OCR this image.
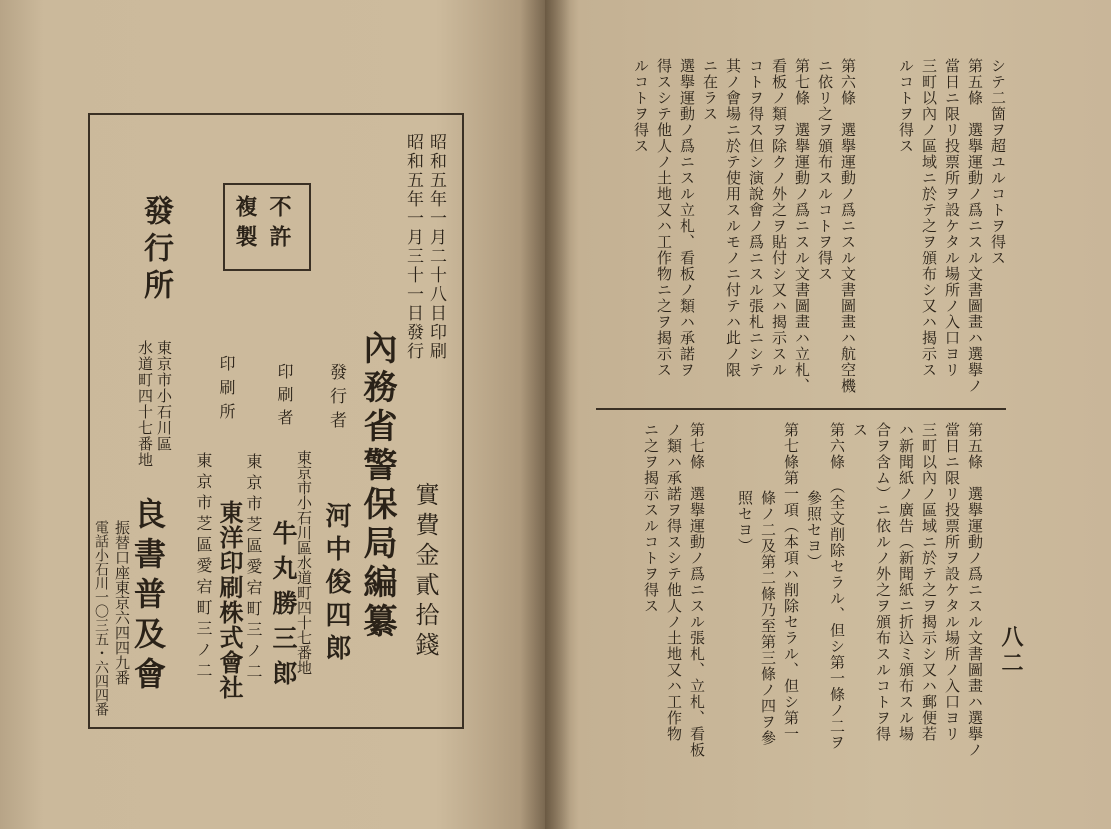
昭和五年一月二十八日印刷
昭和五年一月三十一日發行
內務省警保局編纂 實費金貳拾錢
不許
複製
發行者
東京市小石川區水道町四十七番地 河中俊四郎
印刷者
東京市芝區愛宕町三ノ二 牛丸勝三郎
印刷所
東京市芝區愛宕町三ノ二 東洋印刷株式會社
發行所
東京市小石川區
水道町四十七番地
良書普及會
振替口座東京六四四九番
電話小石川一〇三五・六四四番	八二
シテ二箇ヲ超ユルコトヲ得ス
第五條　選擧運動ノ爲ニスル文書圖畫ハ選擧ノ
當日ニ限リ投票所ヲ設ケタル場所ノ入口ヨリ
三町以內ノ區域ニ於テ之ヲ頒布シ又ハ揭示ス
ルコトヲ得ス
第六條　選擧運動ノ爲ニスル文書圖畫ハ航空機
ニ依リ之ヲ頒布スルコトヲ得ス
第七條　選擧運動ノ爲ニスル文書圖畫ハ立札、
看板ノ類ヲ除クノ外之ヲ貼付シ又ハ揭示スル
コトヲ得ス但シ演說會ノ爲ニスル張札ニシテ
其ノ會場ニ於テ使用スルモノニ付テハ此ノ限
ニ在ラス
選擧運動ノ爲ニスル立札、看板ノ類ハ承諾ヲ
得スシテ他人ノ土地又ハ工作物ニ之ヲ揭示ス
ルコトヲ得ス
第五條　選擧運動ノ爲ニスル文書圖畫ハ選擧ノ
當日ニ限リ投票所ヲ設ケタル場所ノ入口ヨリ
三町以內ノ區域ニ於テ之ヲ揭示シ又ハ郵便若
ハ新聞紙ノ廣告（新聞紙ニ折込ミ頒布スル場
合ヲ含ム）ニ依ルノ外之ヲ頒布スルコトヲ得
ス
第六條　（全文削除セラル、但シ第一條ノ二ヲ
參照セヨ）
第七條第一項（本項ハ削除セラル、但シ第一
條ノ二及第二條乃至第三條ノ四ヲ參
照セヨ）
第七條　選擧運動ノ爲ニスル張札、立札、看板
ノ類ハ承諾ヲ得スシテ他人ノ土地又ハ工作物
ニ之ヲ揭示スルコトヲ得ス
